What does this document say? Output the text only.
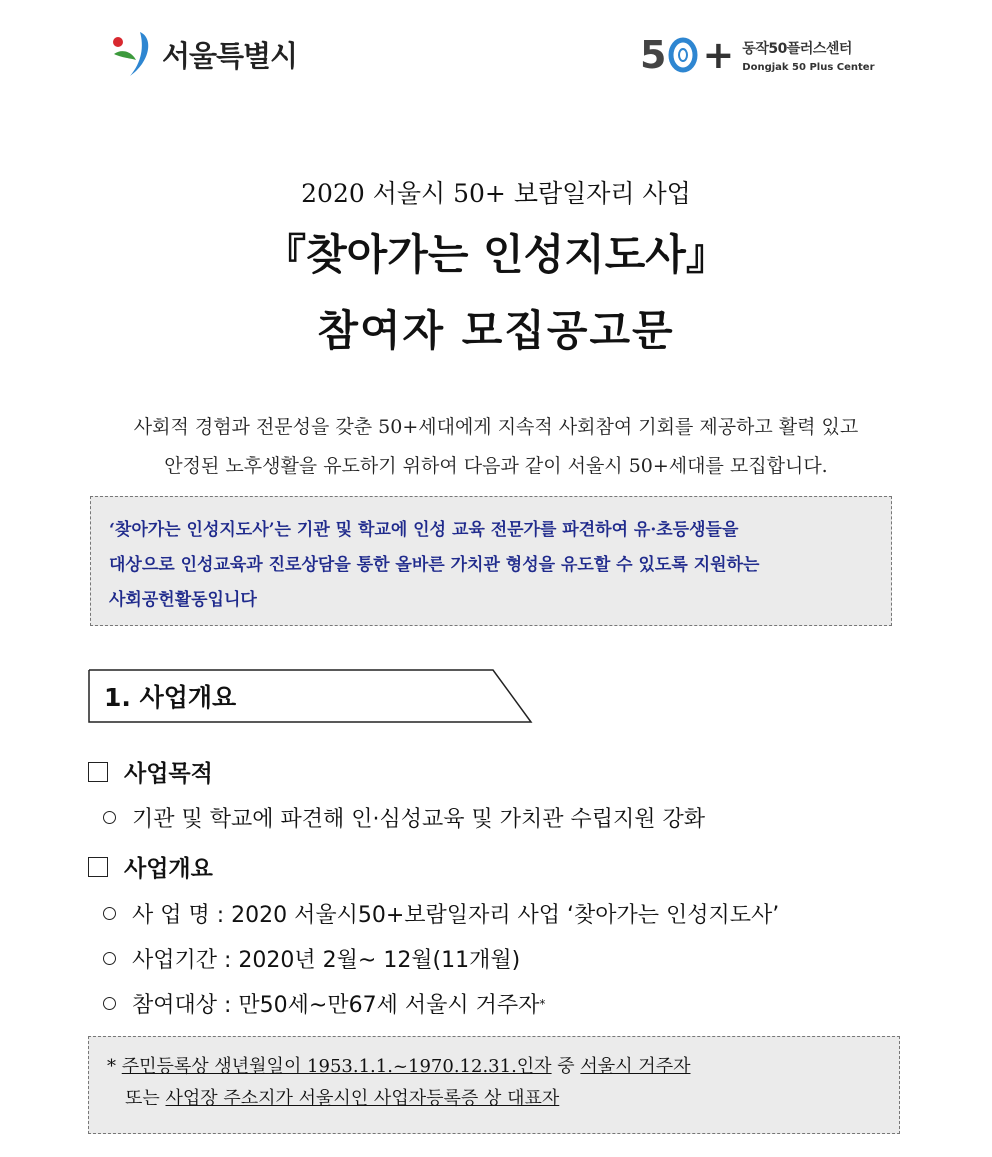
서울특별시	5 + 동작50플러스센터
Dongjak 50 Plus Center
2020 서울시 50+ 보람일자리 사업
『찾아가는 인성지도사』
참여자 모집공고문
사회적 경험과 전문성을 갖춘 50+세대에게 지속적 사회참여 기회를 제공하고 활력 있고
안정된 노후생활을 유도하기 위하여 다음과 같이 서울시 50+세대를 모집합니다.
‘찾아가는 인성지도사’는 기관 및 학교에 인성 교육 전문가를 파견하여 유·초등생들을
대상으로 인성교육과 진로상담을 통한 올바른 가치관 형성을 유도할 수 있도록 지원하는
사회공헌활동입니다
1. 사업개요
사업목적
기관 및 학교에 파견해 인·심성교육 및 가치관 수립지원 강화
사업개요
사 업 명 : 2020 서울시50+보람일자리 사업 ‘찾아가는 인성지도사’
사업기간 : 2020년 2월~ 12월(11개월)
참여대상 : 만50세~만67세 서울시 거주자 *
* 주민등록상 생년월일이 1953.1.1.~1970.12.31.인자 중 서울시 거주자
또는 사업장 주소지가 서울시인 사업자등록증 상 대표자
